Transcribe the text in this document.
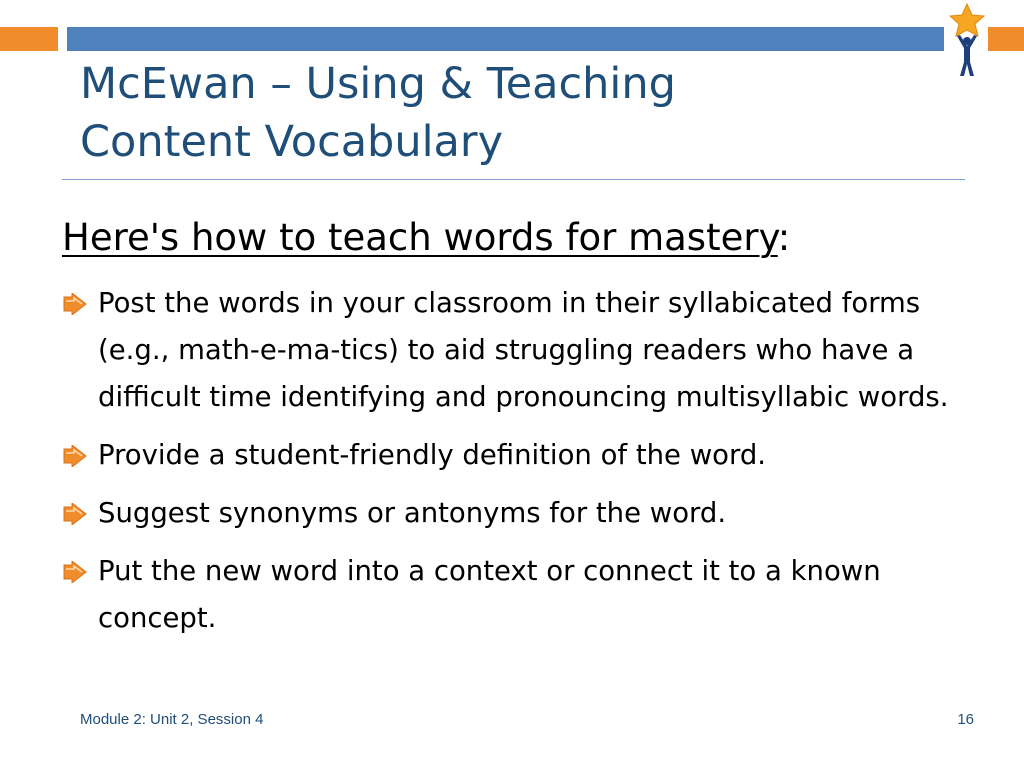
McEwan – Using & Teaching
Content Vocabulary

Here's how to teach words for mastery:

Post the words in your classroom in their syllabicated forms (e.g., math-e-ma-tics) to aid struggling readers who have a difficult time identifying and pronouncing multisyllabic words.
Provide a student-friendly definition of the word.
Suggest synonyms or antonyms for the word.
Put the new word into a context or connect it to a known concept.
Module 2: Unit 2, Session 4	16
